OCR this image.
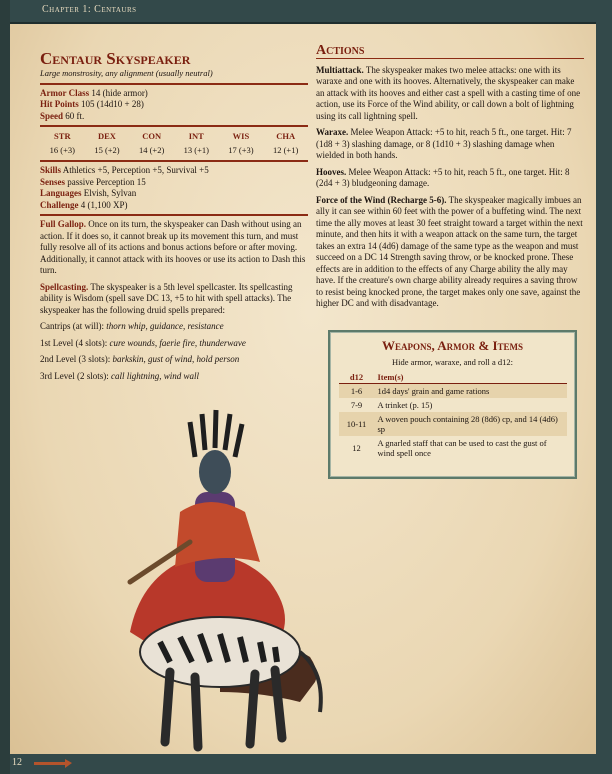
Chapter 1: Centaurs
Centaur Skyspeaker

Large monstrosity, any alignment (usually neutral)

Armor Class 14 (hide armor)

Hit Points 105 (14d10 + 28)

Speed 60 ft.

STR	DEX	CON	INT	WIS	CHA
16 (+3)	15 (+2)	14 (+2)	13 (+1)	17 (+3)	12 (+1)

Skills Athletics +5, Perception +5, Survival +5

Senses passive Perception 15

Languages Elvish, Sylvan

Challenge 4 (1,100 XP)

Full Gallop. Once on its turn, the skyspeaker can Dash without using an action. If it does so, it cannot break up its movement this turn, and must fully resolve all of its actions and bonus actions before or after moving. Additionally, it cannot attack with its hooves or use its action to Dash this turn.

Spellcasting. The skyspeaker is a 5th level spellcaster. Its spellcasting ability is Wisdom (spell save DC 13, +5 to hit with spell attacks). The skyspeaker has the following druid spells prepared:

Cantrips (at will): thorn whip, guidance, resistance

1st Level (4 slots): cure wounds, faerie fire, thunderwave

2nd Level (3 slots): barkskin, gust of wind, hold person

3rd Level (2 slots): call lightning, wind wall

Actions

Multiattack. The skyspeaker makes two melee attacks: one with its waraxe and one with its hooves. Alternatively, the skyspeaker can make an attack with its hooves and either cast a spell with a casting time of one action, use its Force of the Wind ability, or call down a bolt of lightning using its call lightning spell.

Waraxe. Melee Weapon Attack: +5 to hit, reach 5 ft., one target. Hit: 7 (1d8 + 3) slashing damage, or 8 (1d10 + 3) slashing damage when wielded in both hands.

Hooves. Melee Weapon Attack: +5 to hit, reach 5 ft., one target. Hit: 8 (2d4 + 3) bludgeoning damage.

Force of the Wind (Recharge 5-6). The skyspeaker magically imbues an ally it can see within 60 feet with the power of a buffeting wind. The next time the ally moves at least 30 feet straight toward a target within the next minute, and then hits it with a weapon attack on the same turn, the target takes an extra 14 (4d6) damage of the same type as the weapon and must succeed on a DC 14 Strength saving throw, or be knocked prone. These effects are in addition to the effects of any Charge ability the ally may have. If the creature's own charge ability already requires a saving throw to resist being knocked prone, the target makes only one save, against the higher DC and with disadvantage.

Weapons, Armor & Items
Hide armor, waraxe, and roll a d12:
d12	Item(s)
1-6	1d4 days' grain and game rations
7-9	A trinket (p. 15)
10-11	A woven pouch containing 28 (8d6) cp, and 14 (4d6) sp
12	A gnarled staff that can be used to cast the gust of wind spell once
12
